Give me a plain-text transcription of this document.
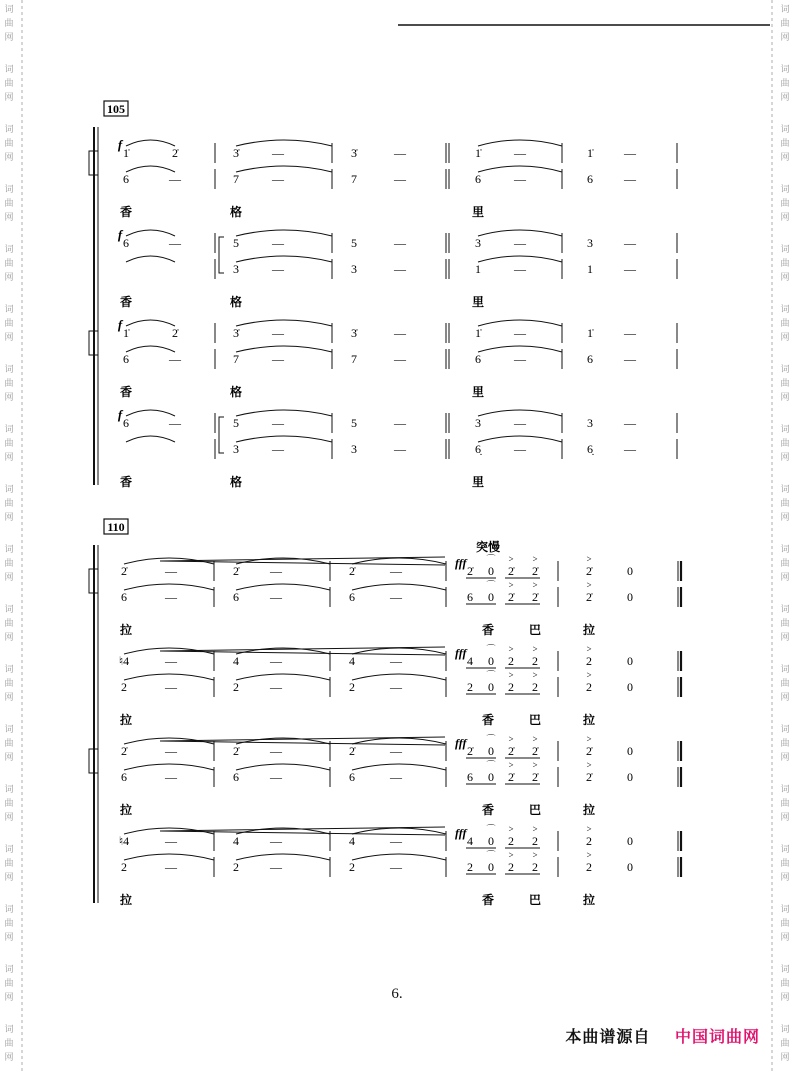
词
曲
网
词
曲
网
词
曲
网
词
曲
网
词
曲
网
词
曲
网
词
曲
网
词
曲
网
词
曲
网
词
曲
网
词
曲
网
词
曲
网
词
曲
网
词
曲
网
词
曲
网
词
曲
网
词
曲
网
词
曲
网
词
曲
网
词
曲
网
词
曲
网
词
曲
网
词
曲
网
词
曲
网
词
曲
网
词
曲
网
词
曲
网
词
曲
网
词
曲
网
词
曲
网
词
曲
网
词
曲
网
词
曲
网
词
曲
网
词
曲
网
词
曲
网
105
f
1̇	2̇	3̇	—	3̇	—	1̇	—	1̇	—
6	—	7	—	7	—	6	—	6	—
香	格	里
f
6	—	5	—	5	—	3	—	3	—
3	—	3	—	1	—	1	—
香	格	里
f
1̇	2̇	3̇	—	3̇	—	1̇	—	1̇	—
6	—	7	—	7	—	6	—	6	—
香	格	里
f
6	—	5	—	5	—	3	—	3	—
3	—	3	—	6̣	—	6̣	—
香	格	里
110
突慢
fff
2̇	—	2̇	—	2̇	—	2̇ 0 2̇ 2̇	2̇	0
> >	>
⌒
6	—	6	—	6	—	6 0 2̇ 2̇	2̇	0
> >	>
⌒
拉	香	巴	拉
fff
♮4	—	4	—	4	—	4 0 2 2	2	0
> >	>
⌒
2	—	2	—	2	—	2 0 2 2	2	0
> >	>
⌒
拉	香	巴	拉
fff
2̇	—	2̇	—	2̇	—	2̇ 0 2̇ 2̇	2̇	0
> >	>
⌒
6	—	6	—	6	—	6 0 2̇ 2̇	2̇	0
> >	>
⌒
拉	香	巴	拉
fff
♮4	—	4	—	4	—	4 0 2 2	2	0
> >	>
⌒
2	—	2	—	2	—	2 0 2 2	2	0
> >	>
⌒
拉	香	巴	拉
6.
本曲谱源自 中国词曲网
